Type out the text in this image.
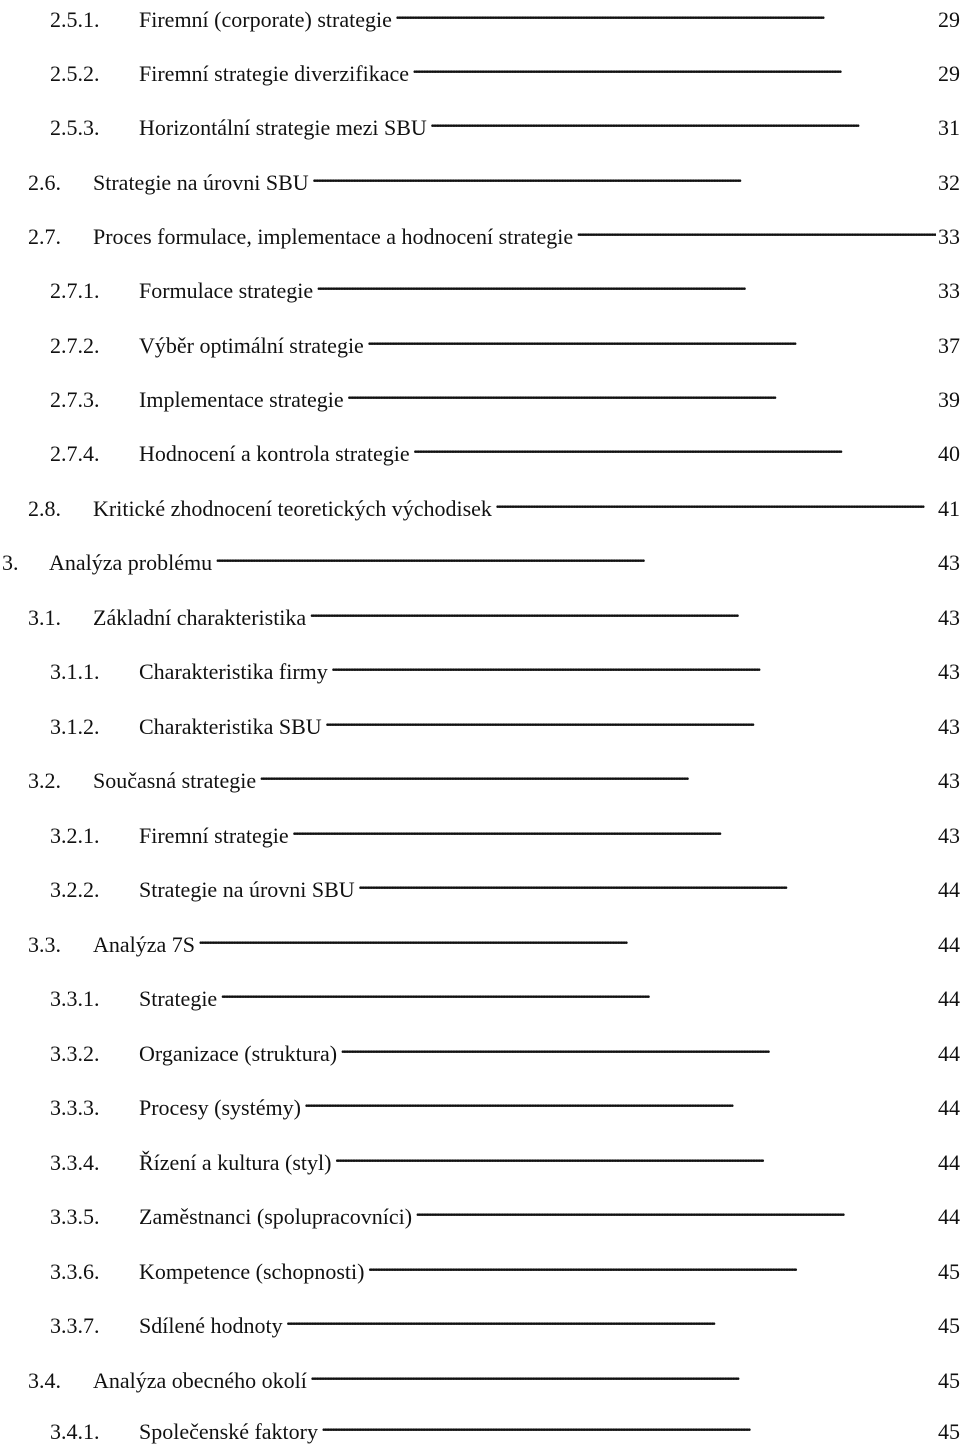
2.5.1.	Firemní (corporate) strategie . . .	29
2.5.2.	Firemní strategie diverzifikace . . .	29
2.5.3.	Horizontální strategie mezi SBU . . .	31
2.6.	Strategie na úrovni SBU . . .	32
2.7.	Proces formulace, implementace a hodnocení strategie . . .	33
2.7.1.	Formulace strategie . . .	33
2.7.2.	Výběr optimální strategie . . .	37
2.7.3.	Implementace strategie . . .	39
2.7.4.	Hodnocení a kontrola strategie . . .	40
2.8.	Kritické zhodnocení teoretických východisek . . .	41
3.	Analýza problému . . .	43
3.1.	Základní charakteristika . . .	43
3.1.1.	Charakteristika firmy . . .	43
3.1.2.	Charakteristika SBU . . .	43
3.2.	Současná strategie . . .	43
3.2.1.	Firemní strategie . . .	43
3.2.2.	Strategie na úrovni SBU . . .	44
3.3.	Analýza 7S . . .	44
3.3.1.	Strategie . . .	44
3.3.2.	Organizace (struktura) . . .	44
3.3.3.	Procesy (systémy) . . .	44
3.3.4.	Řízení a kultura (styl) . . .	44
3.3.5.	Zaměstnanci (spolupracovníci) . . .	44
3.3.6.	Kompetence (schopnosti) . . .	45
3.3.7.	Sdílené hodnoty . . .	45
3.4.	Analýza obecného okolí . . .	45
3.4.1.	Společenské faktory . . .	45
